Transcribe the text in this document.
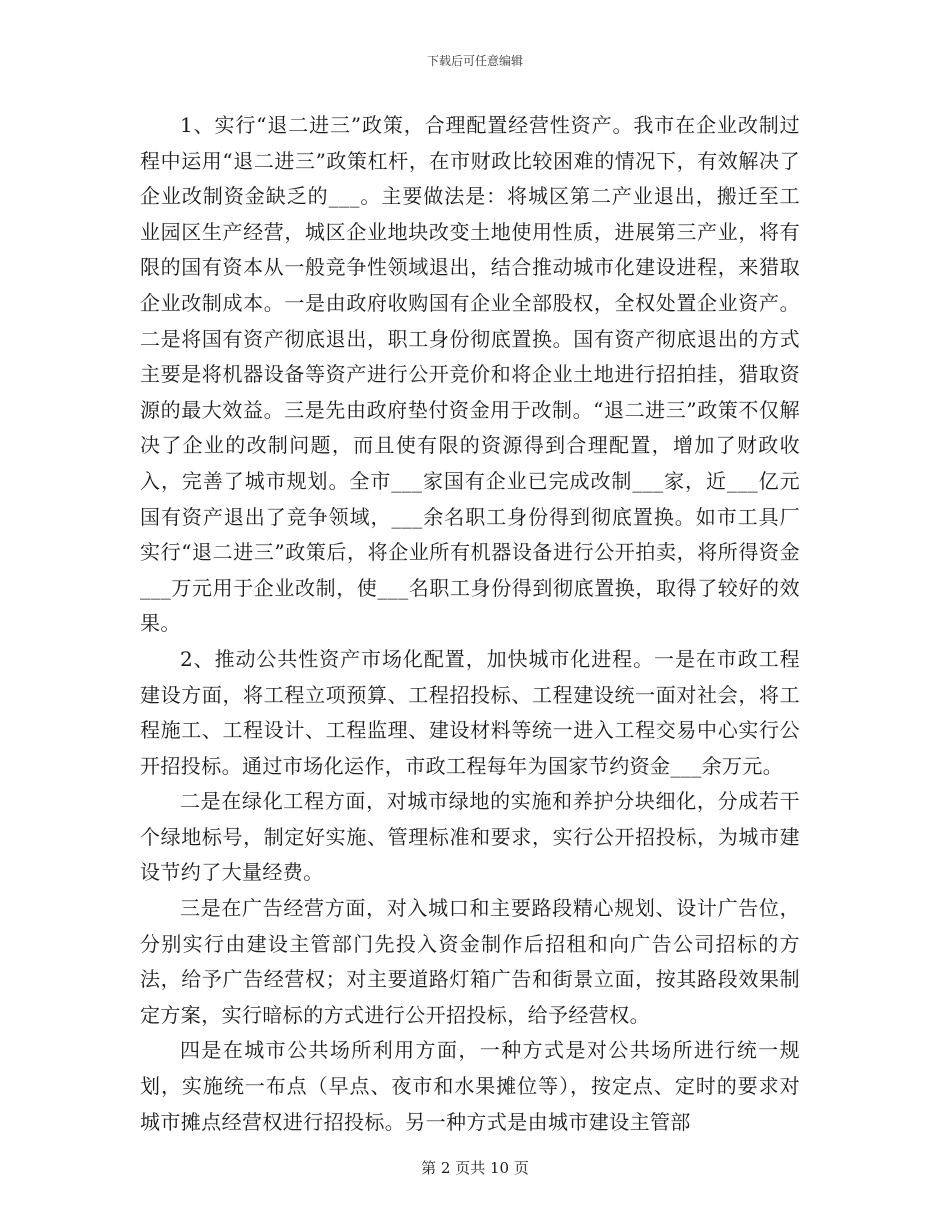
下载后可任意编辑

1、实行“退二进三”政策，合理配置经营性资产。我市在企业改制过程中运用“退二进三”政策杠杆，在市财政比较困难的情况下，有效解决了企业改制资金缺乏的___。主要做法是：将城区第二产业退出，搬迁至工业园区生产经营，城区企业地块改变土地使用性质，进展第三产业，将有限的国有资本从一般竞争性领域退出，结合推动城市化建设进程，来猎取企业改制成本。一是由政府收购国有企业全部股权，全权处置企业资产。二是将国有资产彻底退出，职工身份彻底置换。国有资产彻底退出的方式主要是将机器设备等资产进行公开竞价和将企业土地进行招拍挂，猎取资源的最大效益。三是先由政府垫付资金用于改制。“退二进三”政策不仅解决了企业的改制问题，而且使有限的资源得到合理配置，增加了财政收入，完善了城市规划。全市___家国有企业已完成改制___家，近___亿元国有资产退出了竞争领域，___余名职工身份得到彻底置换。如市工具厂实行“退二进三”政策后，将企业所有机器设备进行公开拍卖，将所得资金___万元用于企业改制，使___名职工身份得到彻底置换，取得了较好的效果。

2、推动公共性资产市场化配置，加快城市化进程。一是在市政工程建设方面，将工程立项预算、工程招投标、工程建设统一面对社会，将工程施工、工程设计、工程监理、建设材料等统一进入工程交易中心实行公开招投标。通过市场化运作，市政工程每年为国家节约资金___余万元。

二是在绿化工程方面，对城市绿地的实施和养护分块细化，分成若干个绿地标号，制定好实施、管理标准和要求，实行公开招投标，为城市建设节约了大量经费。

三是在广告经营方面，对入城口和主要路段精心规划、设计广告位，分别实行由建设主管部门先投入资金制作后招租和向广告公司招标的方法，给予广告经营权；对主要道路灯箱广告和街景立面，按其路段效果制定方案，实行暗标的方式进行公开招投标，给予经营权。

四是在城市公共场所利用方面，一种方式是对公共场所进行统一规划，实施统一布点（早点、夜市和水果摊位等），按定点、定时的要求对城市摊点经营权进行招投标。另一种方式是由城市建设主管部

第 2 页共 10 页
